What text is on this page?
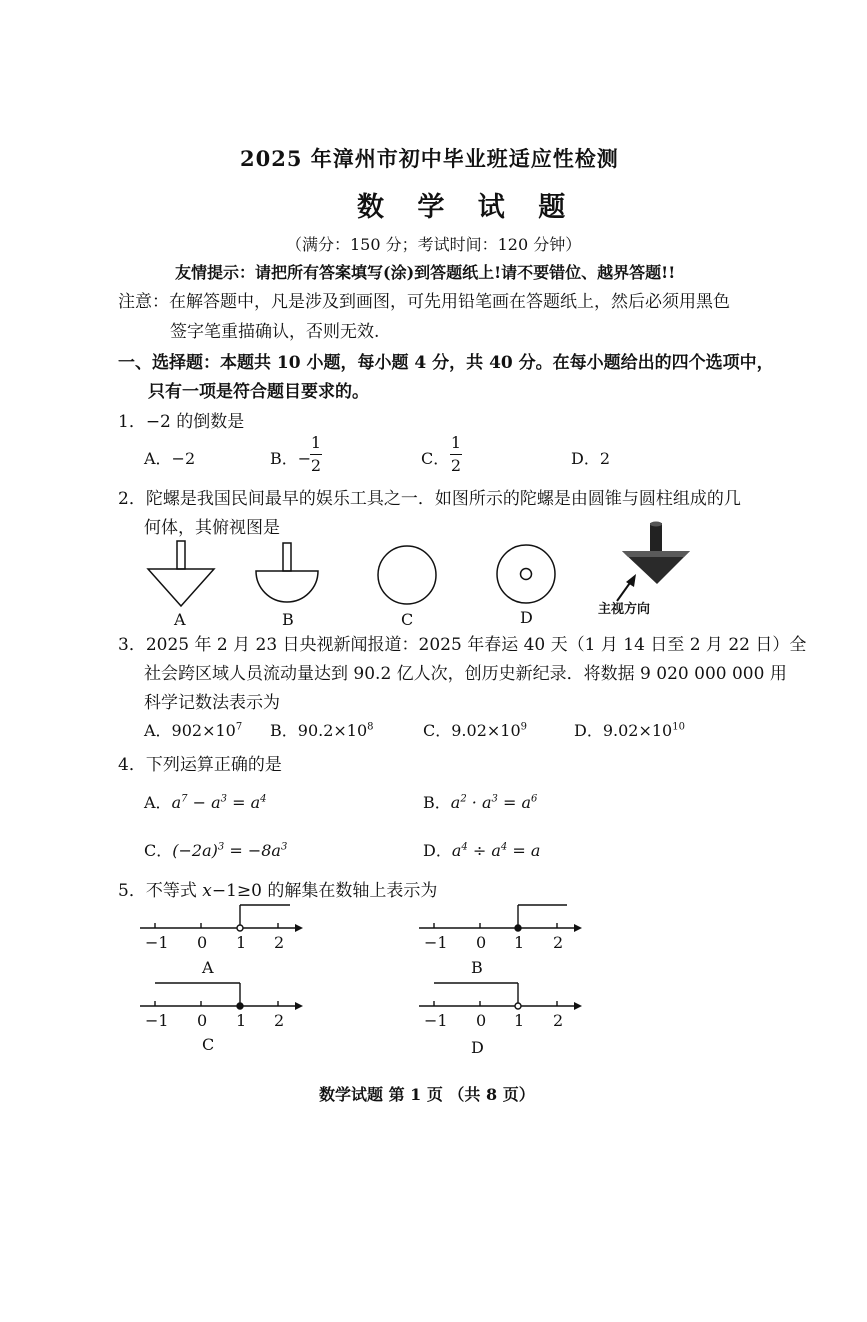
2025 年漳州市初中毕业班适应性检测
数 学 试 题
（满分：150 分；考试时间：120 分钟）
友情提示：请把所有答案填写(涂)到答题纸上!请不要错位、越界答题!!
注意：在解答题中，凡是涉及到画图，可先用铅笔画在答题纸上，然后必须用黑色
签字笔重描确认，否则无效.
一、选择题：本题共 10 小题，每小题 4 分，共 40 分。在每小题给出的四个选项中，
只有一项是符合题目要求的。
1．−2 的倒数是
A．−2	B．−
1
2	C．
1
2	D．2
2．陀螺是我国民间最早的娱乐工具之一．如图所示的陀螺是由圆锥与圆柱组成的几
何体，其俯视图是
A	B	C	D	主视方向
3．2025 年 2 月 23 日央视新闻报道：2025 年春运 40 天（1 月 14 日至 2 月 22 日）全
社会跨区域人员流动量达到 90.2 亿人次，创历史新纪录．将数据 9 020 000 000 用
科学记数法表示为
A．$902\times 10^7$ B．$90.2\times 10^8$	C．$9.02\times 10^9$	D．$9.02\times 10^{10}$
4．下列运算正确的是
A．$a^7 - a^3 = a^4$	B．$a^2 \cdot a^3 = a^6$
C．$(-2a)^3 = -8a^3$	D．$a^4 \div a^4 = a$
5．不等式 x−1≥0 的解集在数轴上表示为
−1 0 1 2
A
−1 0 1 2
B
−1 0 1 2
C
−1 0 1 2
D
数学试题 第 1 页 （共 8 页）
